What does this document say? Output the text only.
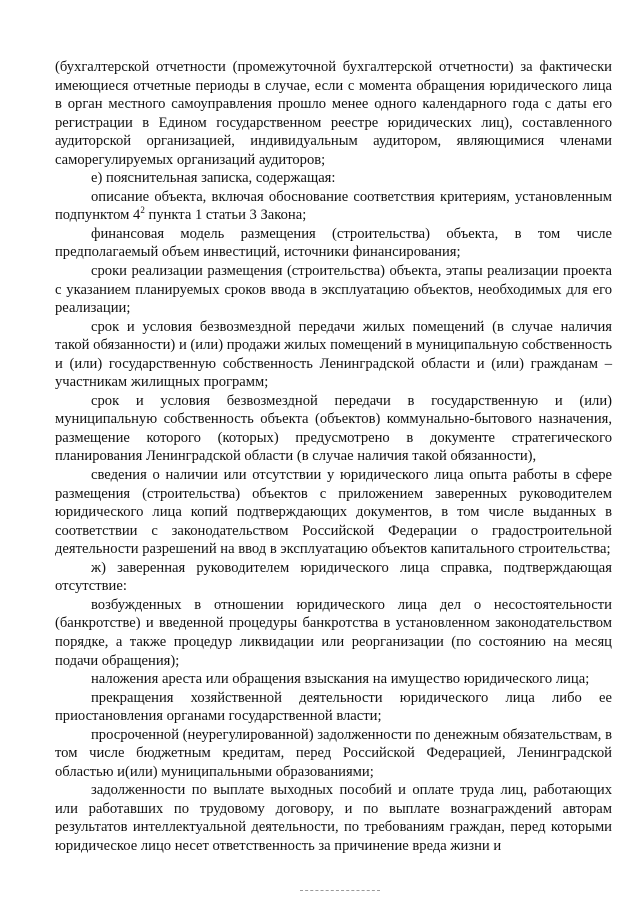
(бухгалтерской отчетности (промежуточной бухгалтерской отчетности) за фактически имеющиеся отчетные периоды в случае, если с момента обращения юридического лица в орган местного самоуправления прошло менее одного календарного года с даты его регистрации в Едином государственном реестре юридических лиц), составленного аудиторской организацией, индивидуальным аудитором, являющимися членами саморегулируемых организаций аудиторов;

е) пояснительная записка, содержащая:

описание объекта, включая обоснование соответствия критериям, установленным подпунктом $4^2$ пункта 1 статьи 3 Закона;

финансовая модель размещения (строительства) объекта, в том числе предполагаемый объем инвестиций, источники финансирования;

сроки реализации размещения (строительства) объекта, этапы реализации проекта с указанием планируемых сроков ввода в эксплуатацию объектов, необходимых для его реализации;

срок и условия безвозмездной передачи жилых помещений (в случае наличия такой обязанности) и (или) продажи жилых помещений в муниципальную собственность и (или) государственную собственность Ленинградской области и (или) гражданам – участникам жилищных программ;

срок и условия безвозмездной передачи в государственную и (или) муниципальную собственность объекта (объектов) коммунально-бытового назначения, размещение которого (которых) предусмотрено в документе стратегического планирования Ленинградской области (в случае наличия такой обязанности),

сведения о наличии или отсутствии у юридического лица опыта работы в сфере размещения (строительства) объектов с приложением заверенных руководителем юридического лица копий подтверждающих документов, в том числе выданных в соответствии с законодательством Российской Федерации о градостроительной деятельности разрешений на ввод в эксплуатацию объектов капитального строительства;

ж) заверенная руководителем юридического лица справка, подтверждающая отсутствие:

возбужденных в отношении юридического лица дел о несостоятельности (банкротстве) и введенной процедуры банкротства в установленном законодательством порядке, а также процедур ликвидации или реорганизации (по состоянию на месяц подачи обращения);

наложения ареста или обращения взыскания на имущество юридического лица;

прекращения хозяйственной деятельности юридического лица либо ее приостановления органами государственной власти;

просроченной (неурегулированной) задолженности по денежным обязательствам, в том числе бюджетным кредитам, перед Российской Федерацией, Ленинградской областью и(или) муниципальными образованиями;

задолженности по выплате выходных пособий и оплате труда лиц, работающих или работавших по трудовому договору, и по выплате вознаграждений авторам результатов интеллектуальной деятельности, по требованиям граждан, перед которыми юридическое лицо несет ответственность за причинение вреда жизни и
